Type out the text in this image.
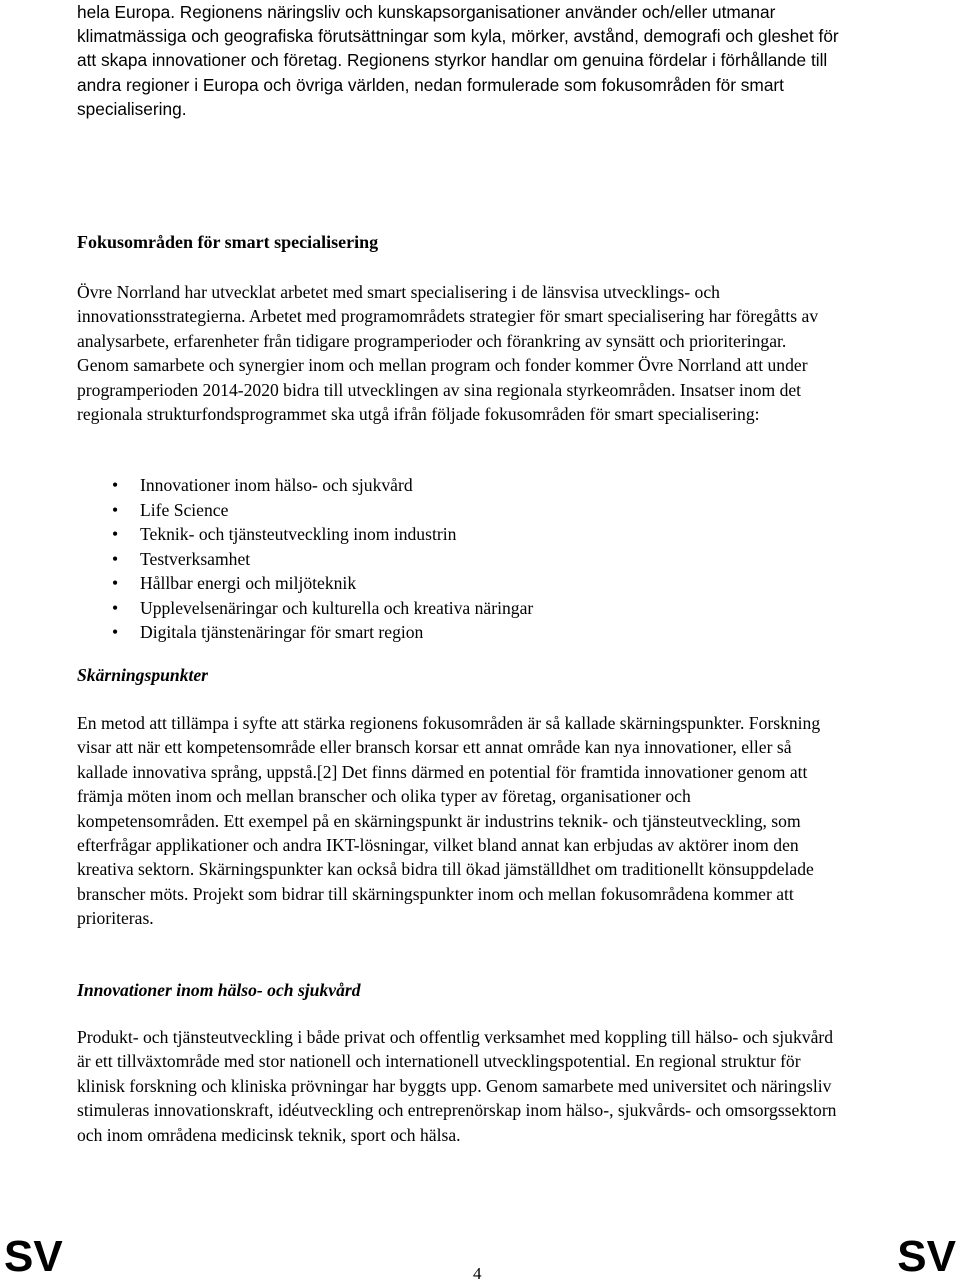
hela Europa. Regionens näringsliv och kunskapsorganisationer använder och/eller utmanar klimatmässiga och geografiska förutsättningar som kyla, mörker, avstånd, demografi och gleshet för att skapa innovationer och företag. Regionens styrkor handlar om genuina fördelar i förhållande till andra regioner i Europa och övriga världen, nedan formulerade som fokusområden för smart specialisering.

Fokusområden för smart specialisering

Övre Norrland har utvecklat arbetet med smart specialisering i de länsvisa utvecklings- och innovationsstrategierna. Arbetet med programområdets strategier för smart specialisering har föregåtts av analysarbete, erfarenheter från tidigare programperioder och förankring av synsätt och prioriteringar. Genom samarbete och synergier inom och mellan program och fonder kommer Övre Norrland att under programperioden 2014-2020 bidra till utvecklingen av sina regionala styrkeområden. Insatser inom det regionala strukturfondsprogrammet ska utgå ifrån följade fokusområden för smart specialisering:

• Innovationer inom hälso- och sjukvård
• Life Science
• Teknik- och tjänsteutveckling inom industrin
• Testverksamhet
• Hållbar energi och miljöteknik
• Upplevelsenäringar och kulturella och kreativa näringar
• Digitala tjänstenäringar för smart region
Skärningspunkter

En metod att tillämpa i syfte att stärka regionens fokusområden är så kallade skärningspunkter. Forskning visar att när ett kompetensområde eller bransch korsar ett annat område kan nya innovationer, eller så kallade innovativa språng, uppstå.[2] Det finns därmed en potential för framtida innovationer genom att främja möten inom och mellan branscher och olika typer av företag, organisationer och kompetensområden. Ett exempel på en skärningspunkt är industrins teknik- och tjänsteutveckling, som efterfrågar applikationer och andra IKT-lösningar, vilket bland annat kan erbjudas av aktörer inom den kreativa sektorn. Skärningspunkter kan också bidra till ökad jämställdhet om traditionellt könsuppdelade branscher möts. Projekt som bidrar till skärningspunkter inom och mellan fokusområdena kommer att prioriteras.

Innovationer inom hälso- och sjukvård

Produkt- och tjänsteutveckling i både privat och offentlig verksamhet med koppling till hälso- och sjukvård är ett tillväxtområde med stor nationell och internationell utvecklingspotential. En regional struktur för klinisk forskning och kliniska prövningar har byggts upp. Genom samarbete med universitet och näringsliv stimuleras innovationskraft, idéutveckling och entreprenörskap inom hälso-, sjukvårds- och omsorgssektorn och inom områdena medicinsk teknik, sport och hälsa.

SV	4	SV
